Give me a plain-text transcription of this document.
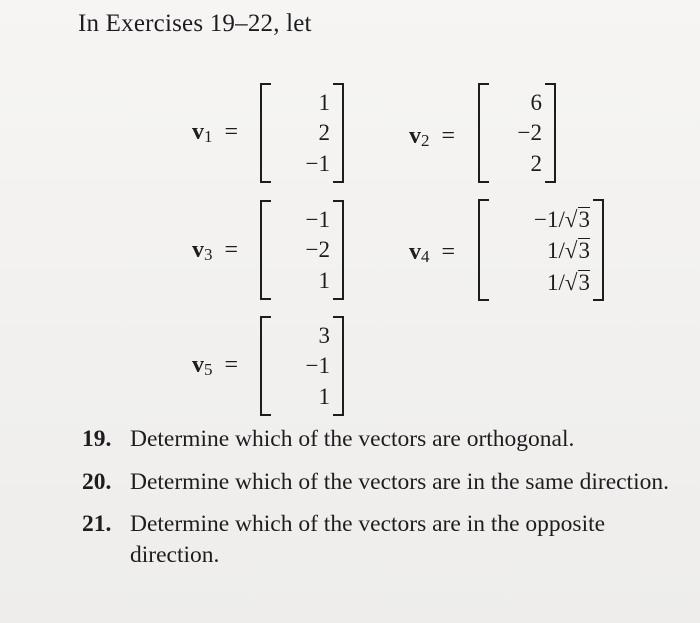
In Exercises 19–22, let
$v_1$ =
1
2
−1
$v_2$ =
6
−2
2
$v_3$ =
−1
−2
1
$v_4$ =
−1/√3
1/√3
1/√3
$v_5$ =
3
−1
1
19. Determine which of the vectors are orthogonal.
20. Determine which of the vectors are in the same direction.
21. Determine which of the vectors are in the opposite direction.
